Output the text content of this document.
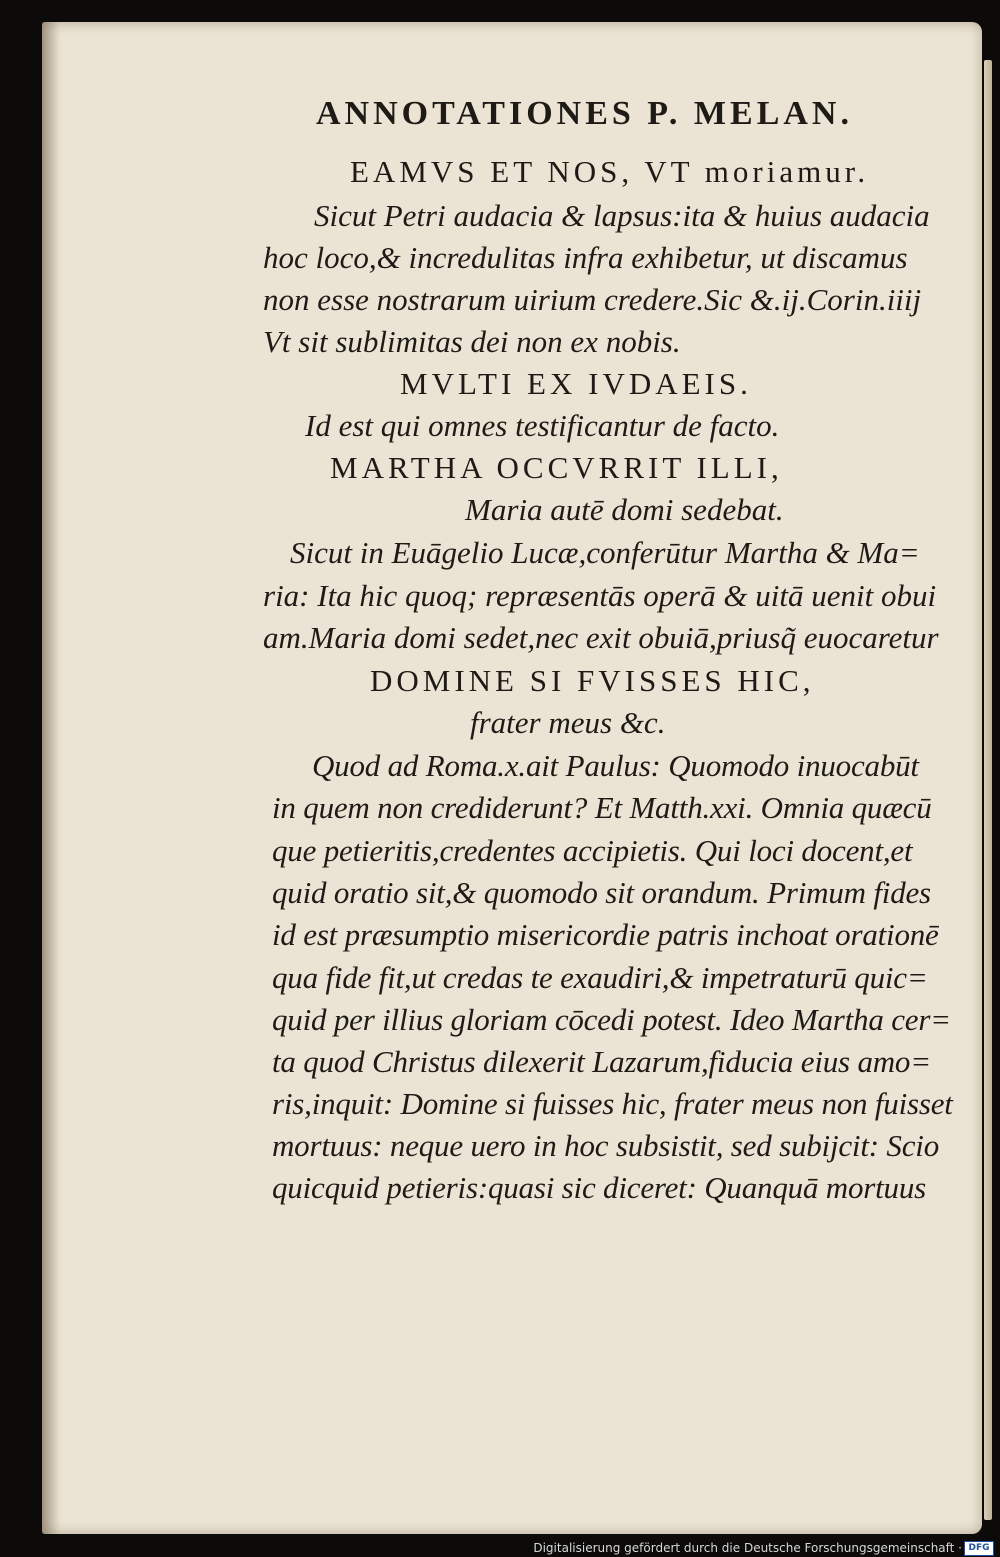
ANNOTATIONES P. MELAN.
EAMVS ET NOS, VT moriamur.
Sicut Petri audacia & lapsus:ita & huius audacia
hoc loco,& incredulitas infra exhibetur, ut discamus
non esse nostrarum uirium credere.Sic &.ij.Corin.iiij
Vt sit sublimitas dei non ex nobis.
MVLTI EX IVDAEIS.
Id est qui omnes testificantur de facto.
MARTHA OCCVRRIT ILLI,
Maria autē domi sedebat.
Sicut in Euāgelio Lucæ,conferūtur Martha & Ma=
ria: Ita hic quoq; repræsentās operā & uitā uenit obui
am.Maria domi sedet,nec exit obuiā,priusq̃ euocaretur
DOMINE SI FVISSES HIC,
frater meus &c.
Quod ad Roma.x.ait Paulus: Quomodo inuocabūt
in quem non crediderunt? Et Matth.xxi. Omnia quæcū
que petieritis,credentes accipietis. Qui loci docent,et
quid oratio sit,& quomodo sit orandum. Primum fides
id est præsumptio misericordie patris inchoat orationē
qua fide fit,ut credas te exaudiri,& impetraturū quic=
quid per illius gloriam cōcedi potest. Ideo Martha cer=
ta quod Christus dilexerit Lazarum,fiducia eius amo=
ris,inquit: Domine si fuisses hic, frater meus non fuisset
mortuus: neque uero in hoc subsistit, sed subijcit: Scio
quicquid petieris:quasi sic diceret: Quanquā mortuus
Digitalisierung gefördert durch die Deutsche Forschungsgemeinschaft · DFG
